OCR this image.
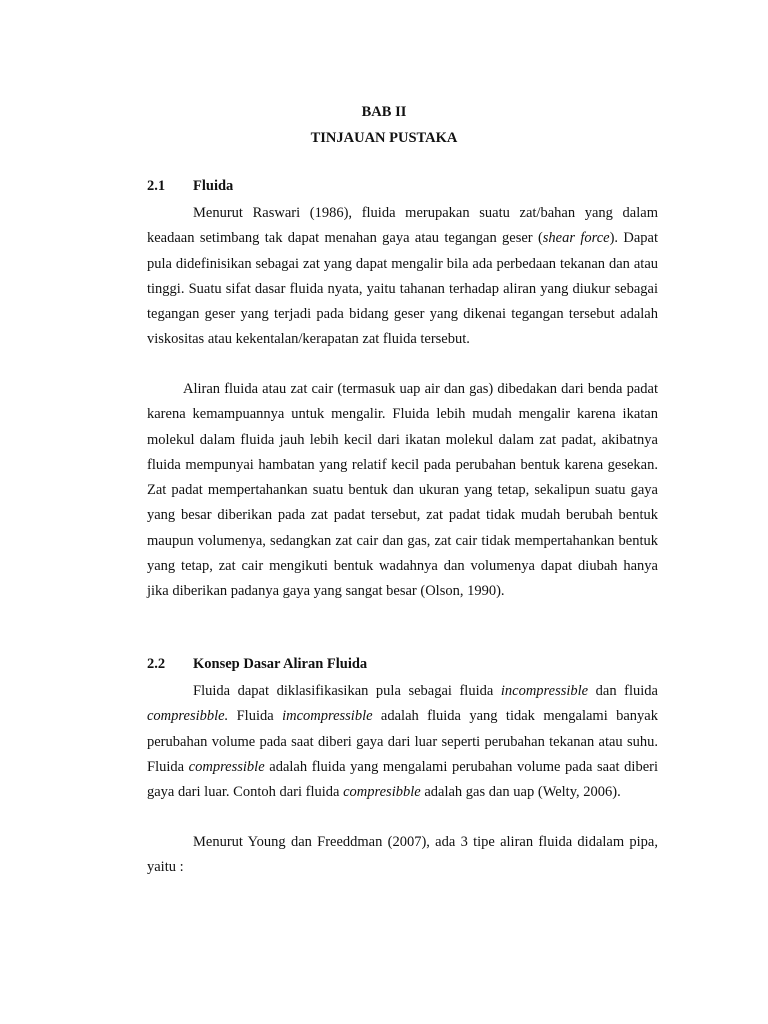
BAB II

TINJAUAN PUSTAKA

2.1 Fluida

Menurut Raswari (1986), fluida merupakan suatu zat/bahan yang dalam keadaan setimbang tak dapat menahan gaya atau tegangan geser (shear force). Dapat pula didefinisikan sebagai zat yang dapat mengalir bila ada perbedaan tekanan dan atau tinggi. Suatu sifat dasar fluida nyata, yaitu tahanan terhadap aliran yang diukur sebagai tegangan geser yang terjadi pada bidang geser yang dikenai tegangan tersebut adalah viskositas atau kekentalan/kerapatan zat fluida tersebut.

Aliran fluida atau zat cair (termasuk uap air dan gas) dibedakan dari benda padat karena kemampuannya untuk mengalir. Fluida lebih mudah mengalir karena ikatan molekul dalam fluida jauh lebih kecil dari ikatan molekul dalam zat padat, akibatnya fluida mempunyai hambatan yang relatif kecil pada perubahan bentuk karena gesekan. Zat padat mempertahankan suatu bentuk dan ukuran yang tetap, sekalipun suatu gaya yang besar diberikan pada zat padat tersebut, zat padat tidak mudah berubah bentuk maupun volumenya, sedangkan zat cair dan gas, zat cair tidak mempertahankan bentuk yang tetap, zat cair mengikuti bentuk wadahnya dan volumenya dapat diubah hanya jika diberikan padanya gaya yang sangat besar (Olson, 1990).

2.2 Konsep Dasar Aliran Fluida

Fluida dapat diklasifikasikan pula sebagai fluida incompressible dan fluida compresibble. Fluida imcompressible adalah fluida yang tidak mengalami banyak perubahan volume pada saat diberi gaya dari luar seperti perubahan tekanan atau suhu. Fluida compressible adalah fluida yang mengalami perubahan volume pada saat diberi gaya dari luar. Contoh dari fluida compresibble adalah gas dan uap (Welty, 2006).

Menurut Young dan Freeddman (2007), ada 3 tipe aliran fluida didalam pipa, yaitu :
